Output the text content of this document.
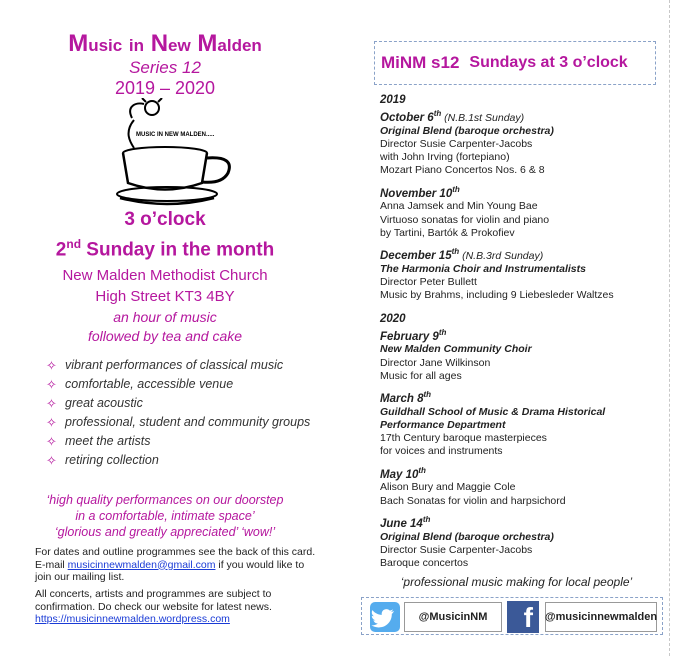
Music in New Malden
Series 12
2019 – 2020
MUSIC IN NEW MALDEN.....
3 o’clock
2nd Sunday in the month
New Malden Methodist Church
High Street KT3 4BY
an hour of music
followed by tea and cake
✧ vibrant performances of classical music
✧ comfortable, accessible venue
✧ great acoustic
✧ professional, student and community groups
✧ meet the artists
✧ retiring collection
‘high quality performances on our doorstep
in a comfortable, intimate space’
‘glorious and greatly appreciated’ ‘wow!’
For dates and outline programmes see the back of this card. E-mail musicinnewmalden@gmail.com if you would like to join our mailing list.
All concerts, artists and programmes are subject to confirmation. Do check our website for latest news. https://musicinnewmalden.wordpress.com
MiNM s12 Sundays at 3 o’clock
2019
October 6th (N.B.1st Sunday)
Original Blend (baroque orchestra)
Director Susie Carpenter-Jacobs
with John Irving (fortepiano)
Mozart Piano Concertos Nos. 6 & 8
November 10th
Anna Jamsek and Min Young Bae
Virtuoso sonatas for violin and piano
by Tartini, Bartók & Prokofiev
December 15th (N.B.3rd Sunday)
The Harmonia Choir and Instrumentalists
Director Peter Bullett
Music by Brahms, including 9 Liebesleder Waltzes
2020
February 9th
New Malden Community Choir
Director Jane Wilkinson
Music for all ages
March 8th
Guildhall School of Music & Drama Historical Performance Department
17th Century baroque masterpieces
for voices and instruments
May 10th
Alison Bury and Maggie Cole
Bach Sonatas for violin and harpsichord
June 14th
Original Blend (baroque orchestra)
Director Susie Carpenter-Jacobs
Baroque concertos
‘professional music making for local people’
@MusicinNM	f	@musicinnewmalden
